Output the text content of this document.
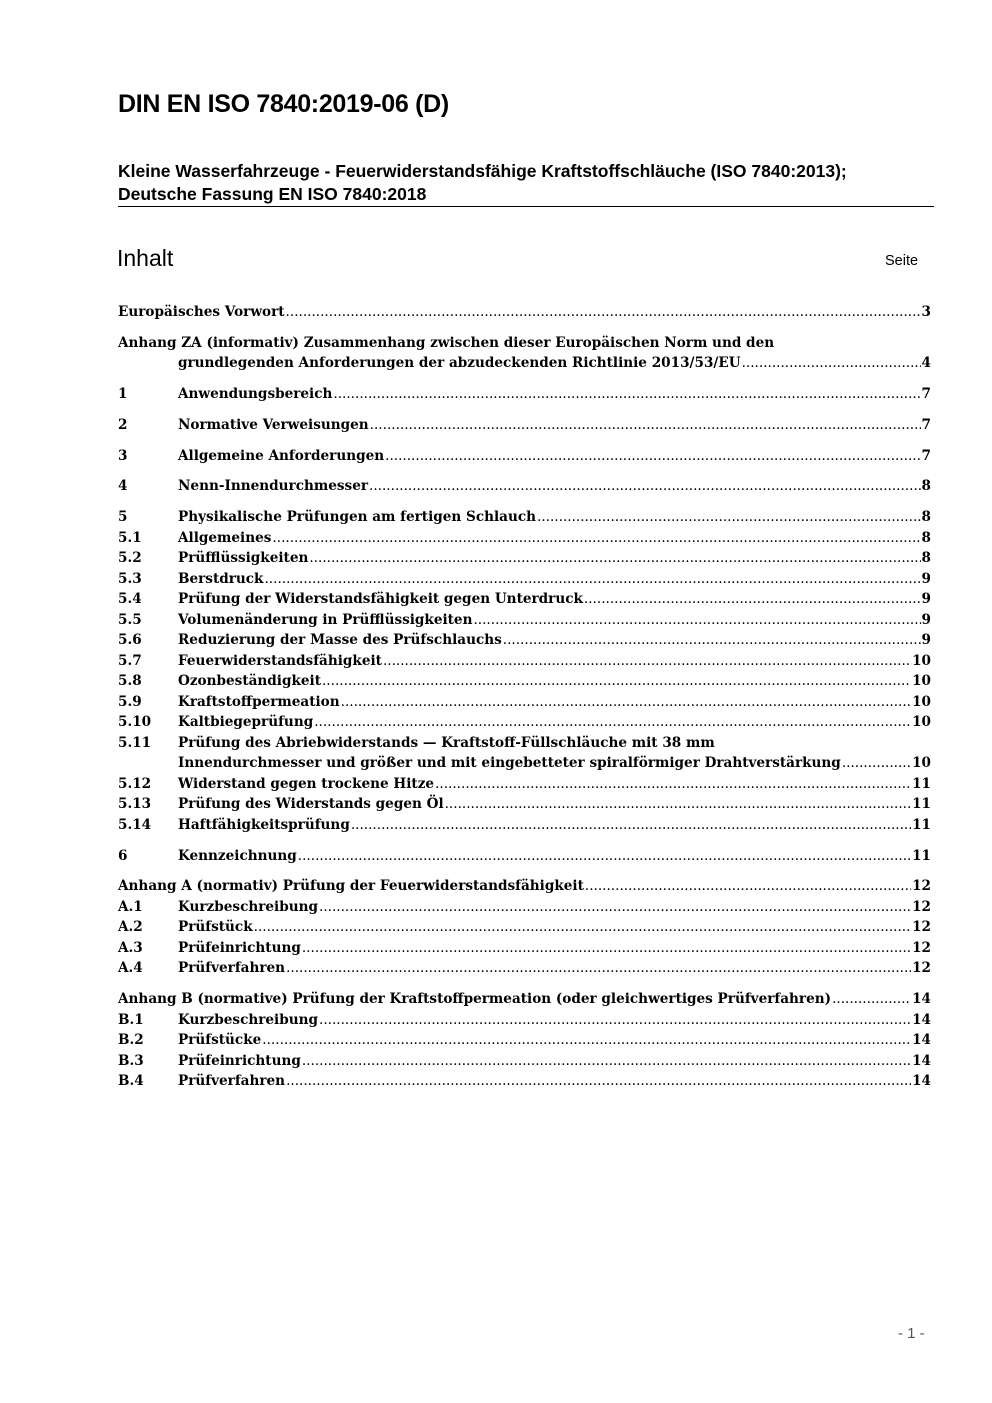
DIN EN ISO 7840:2019-06 (D)
Kleine Wasserfahrzeuge - Feuerwiderstandsfähige Kraftstoffschläuche (ISO 7840:2013); Deutsche Fassung EN ISO 7840:2018
Inhalt	Seite
Europäisches Vorwort .....	3
Anhang ZA (informativ) Zusammenhang zwischen dieser Europäischen Norm und den
grundlegenden Anforderungen der abzudeckenden Richtlinie 2013/53/EU .....	4
1	Anwendungsbereich .....	7
2	Normative Verweisungen .....	7
3	Allgemeine Anforderungen .....	7
4	Nenn-Innendurchmesser .....	8
5	Physikalische Prüfungen am fertigen Schlauch .....	8
5.1	Allgemeines .....	8
5.2	Prüfflüssigkeiten .....	8
5.3	Berstdruck .....	9
5.4	Prüfung der Widerstandsfähigkeit gegen Unterdruck .....	9
5.5	Volumenänderung in Prüfflüssigkeiten .....	9
5.6	Reduzierung der Masse des Prüfschlauchs .....	9
5.7	Feuerwiderstandsfähigkeit .....	10
5.8	Ozonbeständigkeit .....	10
5.9	Kraftstoffpermeation .....	10
5.10 Kaltbiegeprüfung .....	10
5.11 Prüfung des Abriebwiderstands — Kraftstoff-Füllschläuche mit 38 mm
Innendurchmesser und größer und mit eingebetteter spiralförmiger Drahtverstärkung .....	10
5.12 Widerstand gegen trockene Hitze .....	11
5.13 Prüfung des Widerstands gegen Öl .....	11
5.14 Haftfähigkeitsprüfung .....	11
6	Kennzeichnung .....	11
Anhang A (normativ) Prüfung der Feuerwiderstandsfähigkeit .....	12
A.1	Kurzbeschreibung .....	12
A.2	Prüfstück .....	12
A.3	Prüfeinrichtung .....	12
A.4	Prüfverfahren .....	12
Anhang B (normative) Prüfung der Kraftstoffpermeation (oder gleichwertiges Prüfverfahren) .....	14
B.1	Kurzbeschreibung .....	14
B.2	Prüfstücke .....	14
B.3	Prüfeinrichtung .....	14
B.4	Prüfverfahren .....	14
- 1 -
